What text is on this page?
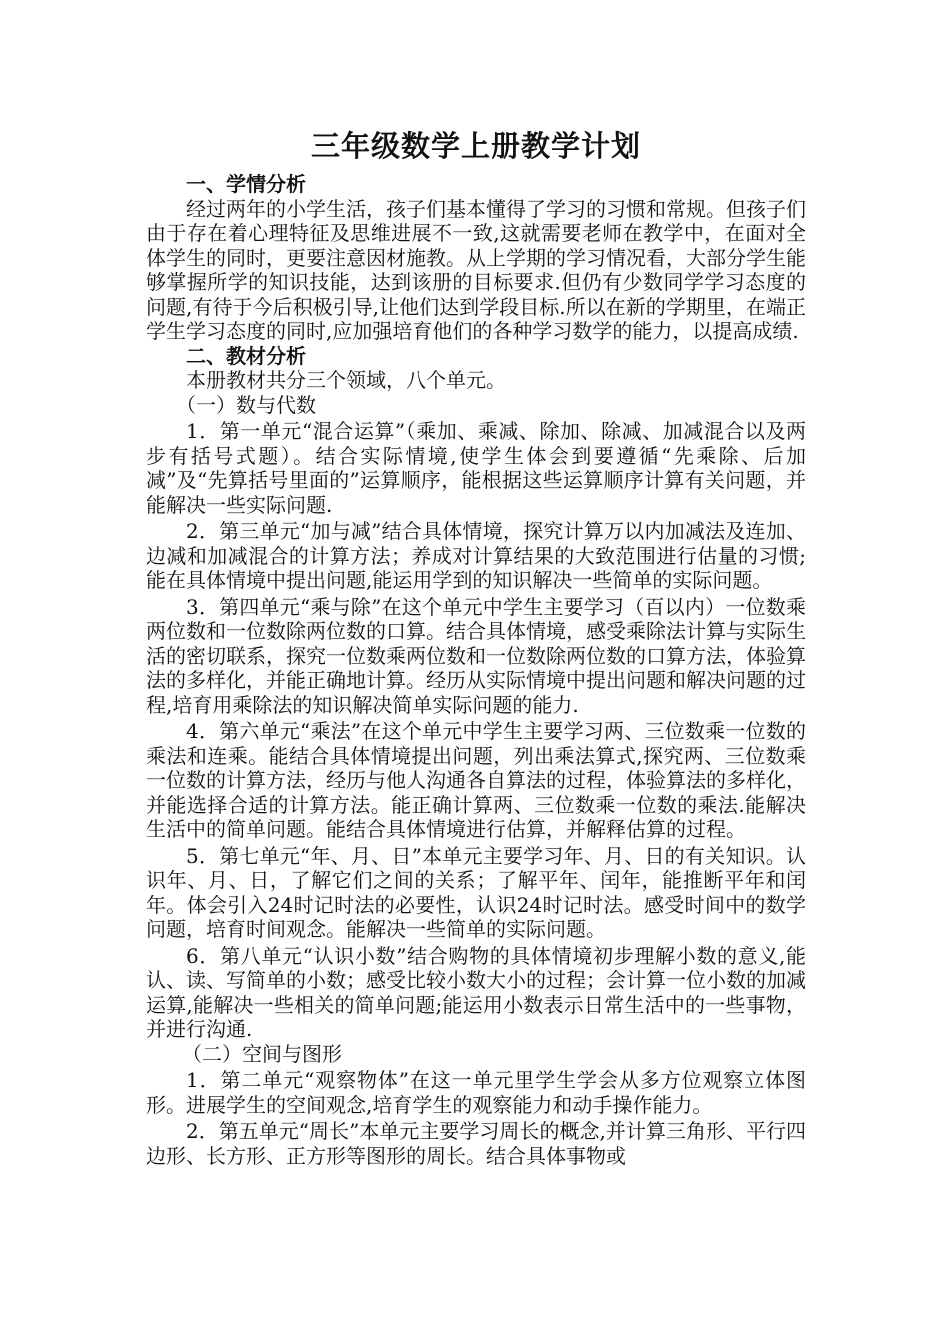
三年级数学上册教学计划

一、学情分析

经过两年的小学生活，孩子们基本懂得了学习的习惯和常规。但孩子们由于存在着心理特征及思维进展不一致,这就需要老师在教学中，在面对全体学生的同时，更要注意因材施教。从上学期的学习情况看，大部分学生能够掌握所学的知识技能，达到该册的目标要求.但仍有少数同学学习态度的问题,有待于今后积极引导,让他们达到学段目标.所以在新的学期里，在端正学生学习态度的同时,应加强培育他们的各种学习数学的能力，以提高成绩.

二、教材分析

本册教材共分三个领域，八个单元。

（一）数与代数

1．第一单元“混合运算”（乘加、乘减、除加、除减、加减混合以及两步有括号式题）。结合实际情境,使学生体会到要遵循“先乘除、后加减”及“先算括号里面的”运算顺序，能根据这些运算顺序计算有关问题，并能解决一些实际问题.

2．第三单元“加与减”结合具体情境，探究计算万以内加减法及连加、边减和加减混合的计算方法；养成对计算结果的大致范围进行估量的习惯;能在具体情境中提出问题,能运用学到的知识解决一些简单的实际问题。

3．第四单元“乘与除”在这个单元中学生主要学习（百以内）一位数乘两位数和一位数除两位数的口算。结合具体情境，感受乘除法计算与实际生活的密切联系，探究一位数乘两位数和一位数除两位数的口算方法，体验算法的多样化，并能正确地计算。经历从实际情境中提出问题和解决问题的过程,培育用乘除法的知识解决简单实际问题的能力.

4．第六单元“乘法”在这个单元中学生主要学习两、三位数乘一位数的乘法和连乘。能结合具体情境提出问题，列出乘法算式,探究两、三位数乘一位数的计算方法，经历与他人沟通各自算法的过程，体验算法的多样化，并能选择合适的计算方法。能正确计算两、三位数乘一位数的乘法.能解决生活中的简单问题。能结合具体情境进行估算，并解释估算的过程。

5．第七单元“年、月、日”本单元主要学习年、月、日的有关知识。认识年、月、日，了解它们之间的关系；了解平年、闰年，能推断平年和闰年。体会引入24时记时法的必要性，认识24时记时法。感受时间中的数学问题，培育时间观念。能解决一些简单的实际问题。

6．第八单元“认识小数”结合购物的具体情境初步理解小数的意义,能认、读、写简单的小数；感受比较小数大小的过程；会计算一位小数的加减运算,能解决一些相关的简单问题;能运用小数表示日常生活中的一些事物，并进行沟通.

（二）空间与图形

1．第二单元“观察物体”在这一单元里学生学会从多方位观察立体图形。进展学生的空间观念,培育学生的观察能力和动手操作能力。

2．第五单元“周长”本单元主要学习周长的概念,并计算三角形、平行四边形、长方形、正方形等图形的周长。结合具体事物或
